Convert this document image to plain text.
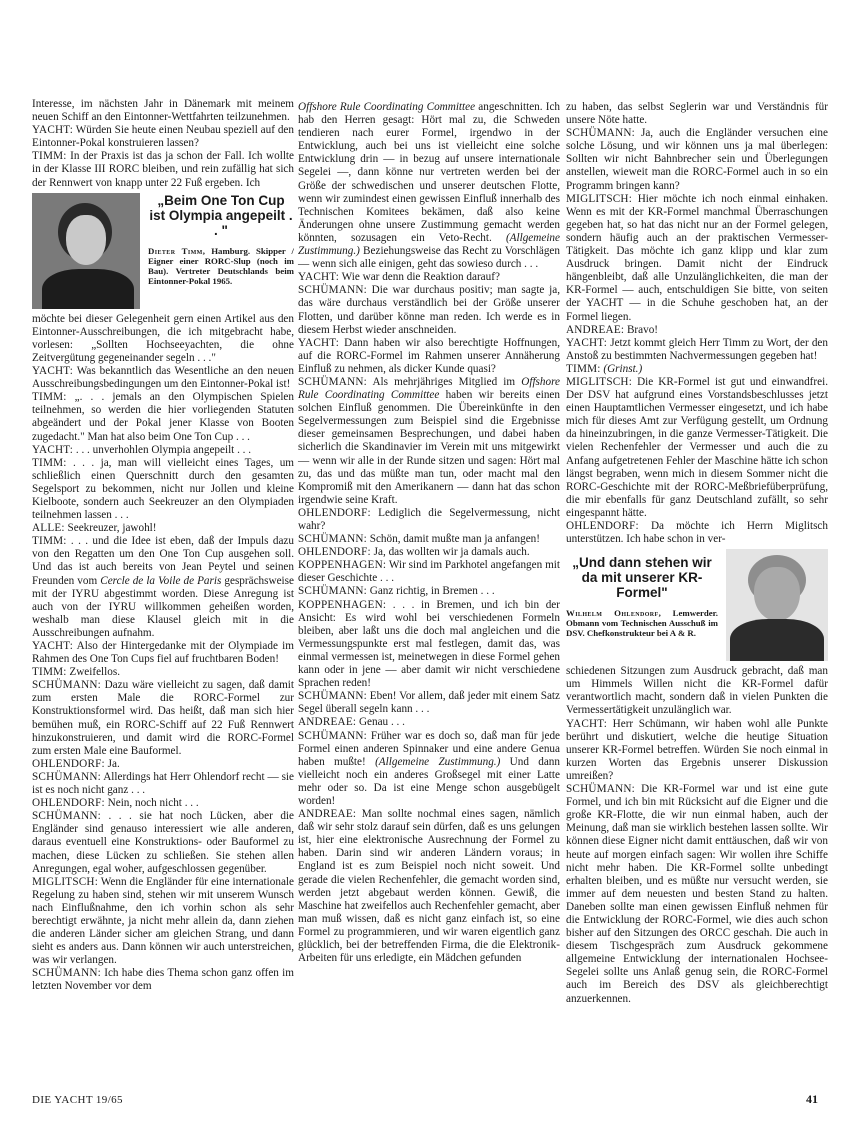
Interesse, im nächsten Jahr in Dänemark mit meinem neuen Schiff an den Eintonner-Wettfahrten teilzunehmen.

YACHT: Würden Sie heute einen Neubau speziell auf den Eintonner-Pokal konstruieren lassen?

TIMM: In der Praxis ist das ja schon der Fall. Ich wollte in der Klasse III RORC bleiben, und rein zufällig hat sich der Rennwert von knapp unter 22 Fuß ergeben. Ich

„Beim One Ton Cup ist Olympia angepeilt . . "
Dieter Timm, Hamburg. Skipper / Eigner einer RORC-Slup (noch im Bau). Vertreter Deutschlands beim Eintonner-Pokal 1965.

möchte bei dieser Gelegenheit gern einen Artikel aus den Eintonner-Ausschreibungen, die ich mitgebracht habe, vorlesen: „Sollten Hochseeyachten, die ohne Zeitvergütung gegeneinander segeln . . ."

YACHT: Was bekanntlich das Wesentliche an den neuen Ausschreibungsbedingungen um den Eintonner-Pokal ist!

TIMM: „. . . jemals an den Olympischen Spielen teilnehmen, so werden die hier vorliegenden Statuten abgeändert und der Pokal jener Klasse von Booten zugedacht." Man hat also beim One Ton Cup . . .

YACHT: . . . unverhohlen Olympia angepeilt . . .

TIMM: . . . ja, man will vielleicht eines Tages, um schließlich einen Querschnitt durch den gesamten Segelsport zu bekommen, nicht nur Jollen und kleine Kielboote, sondern auch Seekreuzer an den Olympiaden teilnehmen lassen . . .

ALLE: Seekreuzer, jawohl!

TIMM: . . . und die Idee ist eben, daß der Impuls dazu von den Regatten um den One Ton Cup ausgehen soll. Und das ist auch bereits von Jean Peytel und seinen Freunden vom Cercle de la Voile de Paris gesprächsweise mit der IYRU abgestimmt worden. Diese Anregung ist auch von der IYRU willkommen geheißen worden, weshalb man diese Klausel gleich mit in die Ausschreibungen aufnahm.

YACHT: Also der Hintergedanke mit der Olympiade im Rahmen des One Ton Cups fiel auf fruchtbaren Boden!

TIMM: Zweifellos.

SCHÜMANN: Dazu wäre vielleicht zu sagen, daß damit zum ersten Male die RORC-Formel zur Konstruktionsformel wird. Das heißt, daß man sich hier bemühen muß, ein RORC-Schiff auf 22 Fuß Rennwert hinzukonstruieren, und damit wird die RORC-Formel zum ersten Male eine Bauformel.

OHLENDORF: Ja.

SCHÜMANN: Allerdings hat Herr Ohlendorf recht — sie ist es noch nicht ganz . . .

OHLENDORF: Nein, noch nicht . . .

SCHÜMANN: . . . sie hat noch Lücken, aber die Engländer sind genauso interessiert wie alle anderen, daraus eventuell eine Konstruktions- oder Bauformel zu machen, diese Lücken zu schließen. Sie stehen allen Anregungen, egal woher, aufgeschlossen gegenüber.

MIGLITSCH: Wenn die Engländer für eine internationale Regelung zu haben sind, stehen wir mit unserem Wunsch nach Einflußnahme, den ich vorhin schon als sehr berechtigt erwähnte, ja nicht mehr allein da, dann ziehen die anderen Länder sicher am gleichen Strang, und dann sieht es anders aus. Dann können wir auch unterstreichen, was wir verlangen.

SCHÜMANN: Ich habe dies Thema schon ganz offen im letzten November vor dem

Offshore Rule Coordinating Committee angeschnitten. Ich hab den Herren gesagt: Hört mal zu, die Schweden tendieren nach eurer Formel, irgendwo in der Entwicklung, auch bei uns ist vielleicht eine solche Entwicklung drin — in bezug auf unsere internationale Segelei —, dann könne nur vertreten werden bei der Größe der schwedischen und unserer deutschen Flotte, wenn wir zumindest einen gewissen Einfluß innerhalb des Technischen Komitees bekämen, daß also keine Änderungen ohne unsere Zustimmung gemacht werden könnten, sozusagen ein Veto-Recht. (Allgemeine Zustimmung.) Beziehungsweise das Recht zu Vorschlägen — wenn sich alle einigen, geht das sowieso durch . . .

YACHT: Wie war denn die Reaktion darauf?

SCHÜMANN: Die war durchaus positiv; man sagte ja, das wäre durchaus verständlich bei der Größe unserer Flotten, und darüber könne man reden. Ich werde es in diesem Herbst wieder anschneiden.

YACHT: Dann haben wir also berechtigte Hoffnungen, auf die RORC-Formel im Rahmen unserer Annäherung Einfluß zu nehmen, als dicker Kunde quasi?

SCHÜMANN: Als mehrjähriges Mitglied im Offshore Rule Coordinating Committee haben wir bereits einen solchen Einfluß genommen. Die Übereinkünfte in den Segelvermessungen zum Beispiel sind die Ergebnisse dieser gemeinsamen Besprechungen, und dabei haben sicherlich die Skandinavier im Verein mit uns mitgewirkt — wenn wir alle in der Runde sitzen und sagen: Hört mal zu, das und das müßte man tun, oder macht mal den Kompromiß mit den Amerikanern — dann hat das schon irgendwie seine Kraft.

OHLENDORF: Lediglich die Segelvermessung, nicht wahr?

SCHÜMANN: Schön, damit mußte man ja anfangen!

OHLENDORF: Ja, das wollten wir ja damals auch.

KOPPENHAGEN: Wir sind im Parkhotel angefangen mit dieser Geschichte . . .

SCHÜMANN: Ganz richtig, in Bremen . . .

KOPPENHAGEN: . . . in Bremen, und ich bin der Ansicht: Es wird wohl bei verschiedenen Formeln bleiben, aber laßt uns die doch mal angleichen und die Vermessungspunkte erst mal festlegen, damit das, was einmal vermessen ist, meinetwegen in diese Formel gehen kann oder in jene — aber damit wir nicht verschiedene Sprachen reden!

SCHÜMANN: Eben! Vor allem, daß jeder mit einem Satz Segel überall segeln kann . . .

ANDREAE: Genau . . .

SCHÜMANN: Früher war es doch so, daß man für jede Formel einen anderen Spinnaker und eine andere Genua haben mußte! (Allgemeine Zustimmung.) Und dann vielleicht noch ein anderes Großsegel mit einer Latte mehr oder so. Da ist eine Menge schon ausgebügelt worden!

ANDREAE: Man sollte nochmal eines sagen, nämlich daß wir sehr stolz darauf sein dürfen, daß es uns gelungen ist, hier eine elektronische Ausrechnung der Formel zu haben. Darin sind wir anderen Ländern voraus; in England ist es zum Beispiel noch nicht soweit. Und gerade die vielen Rechenfehler, die gemacht worden sind, werden jetzt abgebaut werden können. Gewiß, die Maschine hat zweifellos auch Rechenfehler gemacht, aber man muß wissen, daß es nicht ganz einfach ist, so eine Formel zu programmieren, und wir waren eigentlich ganz glücklich, bei der betreffenden Firma, die die Elektronik-Arbeiten für uns erledigte, ein Mädchen gefunden

zu haben, das selbst Seglerin war und Verständnis für unsere Nöte hatte.

SCHÜMANN: Ja, auch die Engländer versuchen eine solche Lösung, und wir können uns ja mal überlegen: Sollten wir nicht Bahnbrecher sein und Überlegungen anstellen, wieweit man die RORC-Formel auch in so ein Programm bringen kann?

MIGLITSCH: Hier möchte ich noch einmal einhaken. Wenn es mit der KR-Formel manchmal Überraschungen gegeben hat, so hat das nicht nur an der Formel gelegen, sondern häufig auch an der praktischen Vermesser-Tätigkeit. Das möchte ich ganz klipp und klar zum Ausdruck bringen. Damit nicht der Eindruck hängenbleibt, daß alle Unzulänglichkeiten, die man der KR-Formel — auch, entschuldigen Sie bitte, von seiten der YACHT — in die Schuhe geschoben hat, an der Formel liegen.

ANDREAE: Bravo!

YACHT: Jetzt kommt gleich Herr Timm zu Wort, der den Anstoß zu bestimmten Nachvermessungen gegeben hat!

TIMM: (Grinst.)

MIGLITSCH: Die KR-Formel ist gut und einwandfrei. Der DSV hat aufgrund eines Vorstandsbeschlusses jetzt einen Hauptamtlichen Vermesser eingesetzt, und ich habe mich für dieses Amt zur Verfügung gestellt, um Ordnung da hineinzubringen, in die ganze Vermesser-Tätigkeit. Die vielen Rechenfehler der Vermesser und auch die zu Anfang aufgetretenen Fehler der Maschine hätte ich schon längst begraben, wenn mich in diesem Sommer nicht die RORC-Geschichte mit der RORC-Meßbriefüberprüfung, die mir ebenfalls für ganz Deutschland zufällt, so sehr eingespannt hätte.

OHLENDORF: Da möchte ich Herrn Miglitsch unterstützen. Ich habe schon in ver-

„Und dann stehen wir da mit unserer KR-Formel"
Wilhelm Ohlendorf, Lemwerder. Obmann vom Technischen Ausschuß im DSV. Chefkonstrukteur bei A & R.

schiedenen Sitzungen zum Ausdruck gebracht, daß man um Himmels Willen nicht die KR-Formel dafür verantwortlich macht, sondern daß in vielen Punkten die Vermessertätigkeit unzulänglich war.

YACHT: Herr Schümann, wir haben wohl alle Punkte berührt und diskutiert, welche die heutige Situation unserer KR-Formel betreffen. Würden Sie noch einmal in kurzen Worten das Ergebnis unserer Diskussion umreißen?

SCHÜMANN: Die KR-Formel war und ist eine gute Formel, und ich bin mit Rücksicht auf die Eigner und die große KR-Flotte, die wir nun einmal haben, auch der Meinung, daß man sie wirklich bestehen lassen sollte. Wir können diese Eigner nicht damit enttäuschen, daß wir von heute auf morgen einfach sagen: Wir wollen ihre Schiffe nicht mehr haben. Die KR-Formel sollte unbedingt erhalten bleiben, und es müßte nur versucht werden, sie immer auf dem neuesten und besten Stand zu halten. Daneben sollte man einen gewissen Einfluß nehmen für die Entwicklung der RORC-Formel, wie dies auch schon bisher auf den Sitzungen des ORCC geschah. Die auch in diesem Tischgespräch zum Ausdruck gekommene allgemeine Entwicklung der internationalen Hochsee-Segelei sollte uns Anlaß genug sein, die RORC-Formel auch im Bereich des DSV als gleichberechtigt anzuerkennen.

DIE YACHT 19/65	41
